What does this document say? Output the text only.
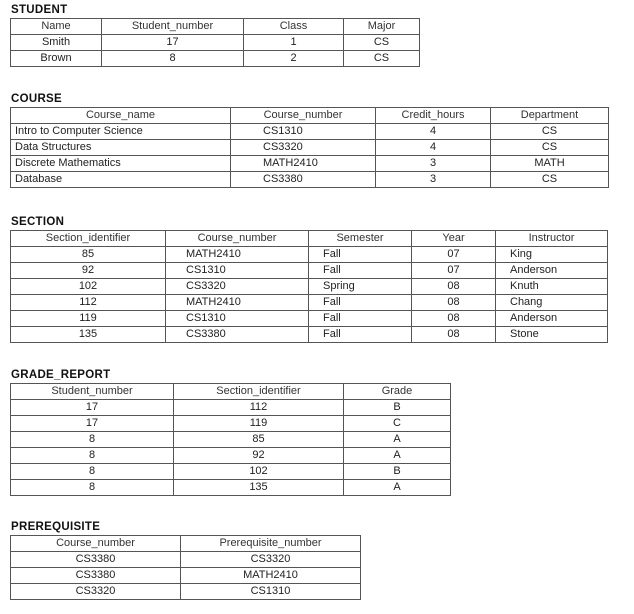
STUDENT
Name	Student_number	Class	Major
Smith	17	1	CS
Brown	8	2	CS
COURSE
Course_name	Course_number	Credit_hours	Department
Intro to Computer Science	CS1310	4	CS
Data Structures	CS3320	4	CS
Discrete Mathematics	MATH2410	3	MATH
Database	CS3380	3	CS
SECTION
Section_identifier	Course_number	Semester	Year	Instructor
85	MATH2410	Fall	07	King
92	CS1310	Fall	07	Anderson
102	CS3320	Spring	08	Knuth
112	MATH2410	Fall	08	Chang
119	CS1310	Fall	08	Anderson
135	CS3380	Fall	08	Stone
GRADE_REPORT
Student_number	Section_identifier	Grade
17	112	B
17	119	C
8	85	A
8	92	A
8	102	B
8	135	A
PREREQUISITE
Course_number	Prerequisite_number
CS3380	CS3320
CS3380	MATH2410
CS3320	CS1310
